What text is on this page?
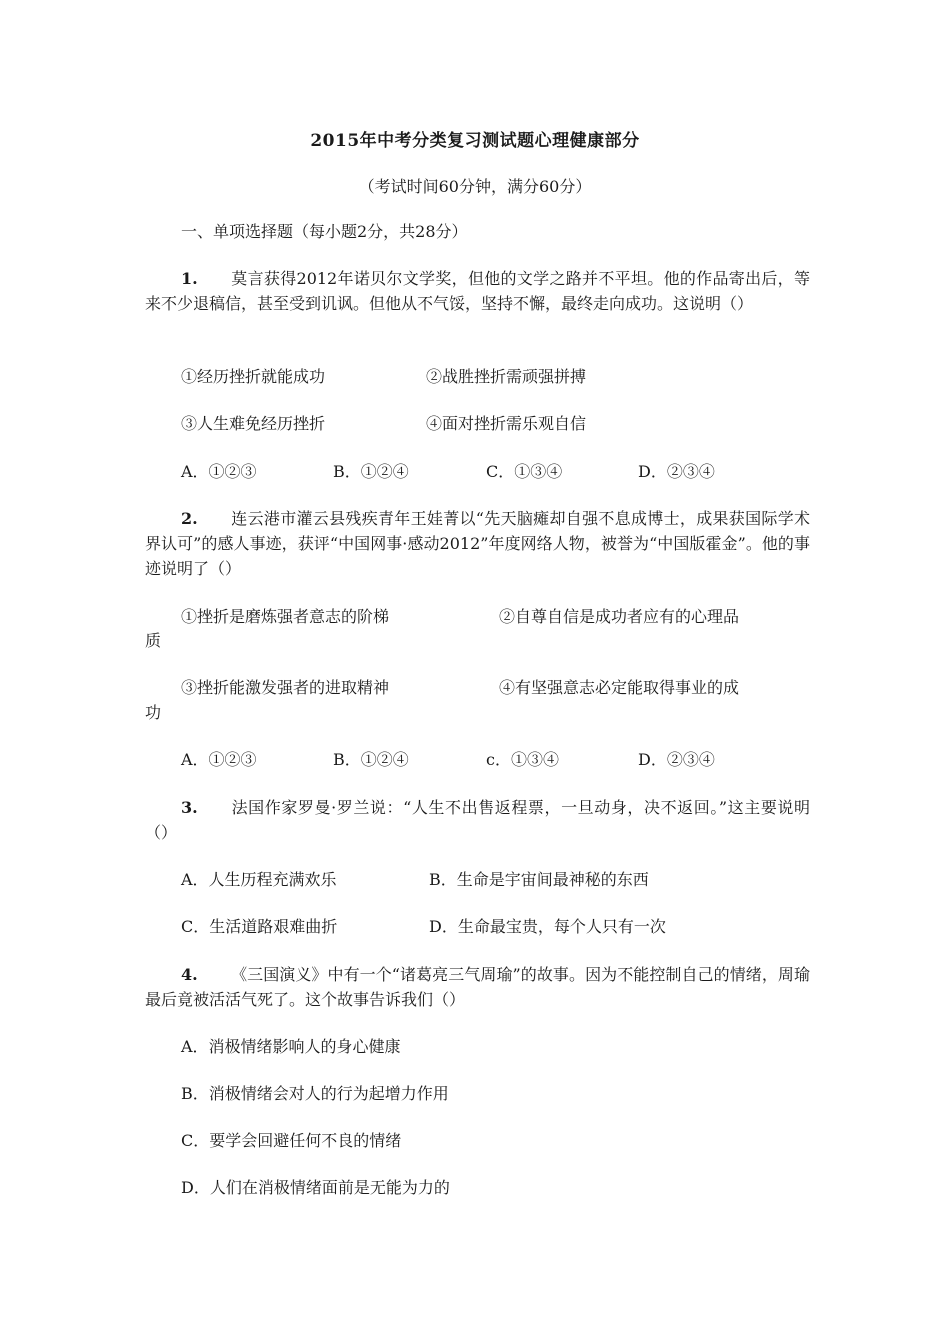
2015年中考分类复习测试题心理健康部分
（考试时间60分钟，满分60分）
一、单项选择题（每小题2分，共28分）
1. 莫言获得2012年诺贝尔文学奖，但他的文学之路并不平坦。他的作品寄出后，等来不少退稿信，甚至受到讥讽。但他从不气馁，坚持不懈，最终走向成功。这说明（）
①经历挫折就能成功	②战胜挫折需顽强拼搏
③人生难免经历挫折	④面对挫折需乐观自信
A．①②③	B．①②④	C．①③④	D．②③④
2. 连云港市灌云县残疾青年王娃菁以“先天脑瘫却自强不息成博士，成果获国际学术界认可”的感人事迹，获评“中国网事·感动2012”年度网络人物，被誉为“中国版霍金”。他的事迹说明了（）
①挫折是磨炼强者意志的阶梯	②自尊自信是成功者应有的心理品
质
③挫折能激发强者的进取精神	④有坚强意志必定能取得事业的成
功
A．①②③	B．①②④	c．①③④	D．②③④
3. 法国作家罗曼·罗兰说：“人生不出售返程票，一旦动身，决不返回。”这主要说明（）
A．人生历程充满欢乐	B．生命是宇宙间最神秘的东西
C．生活道路艰难曲折	D．生命最宝贵，每个人只有一次
4. 《三国演义》中有一个“诸葛亮三气周瑜”的故事。因为不能控制自己的情绪，周瑜最后竟被活活气死了。这个故事告诉我们（）
A．消极情绪影响人的身心健康
B．消极情绪会对人的行为起增力作用
C．要学会回避任何不良的情绪
D．人们在消极情绪面前是无能为力的
